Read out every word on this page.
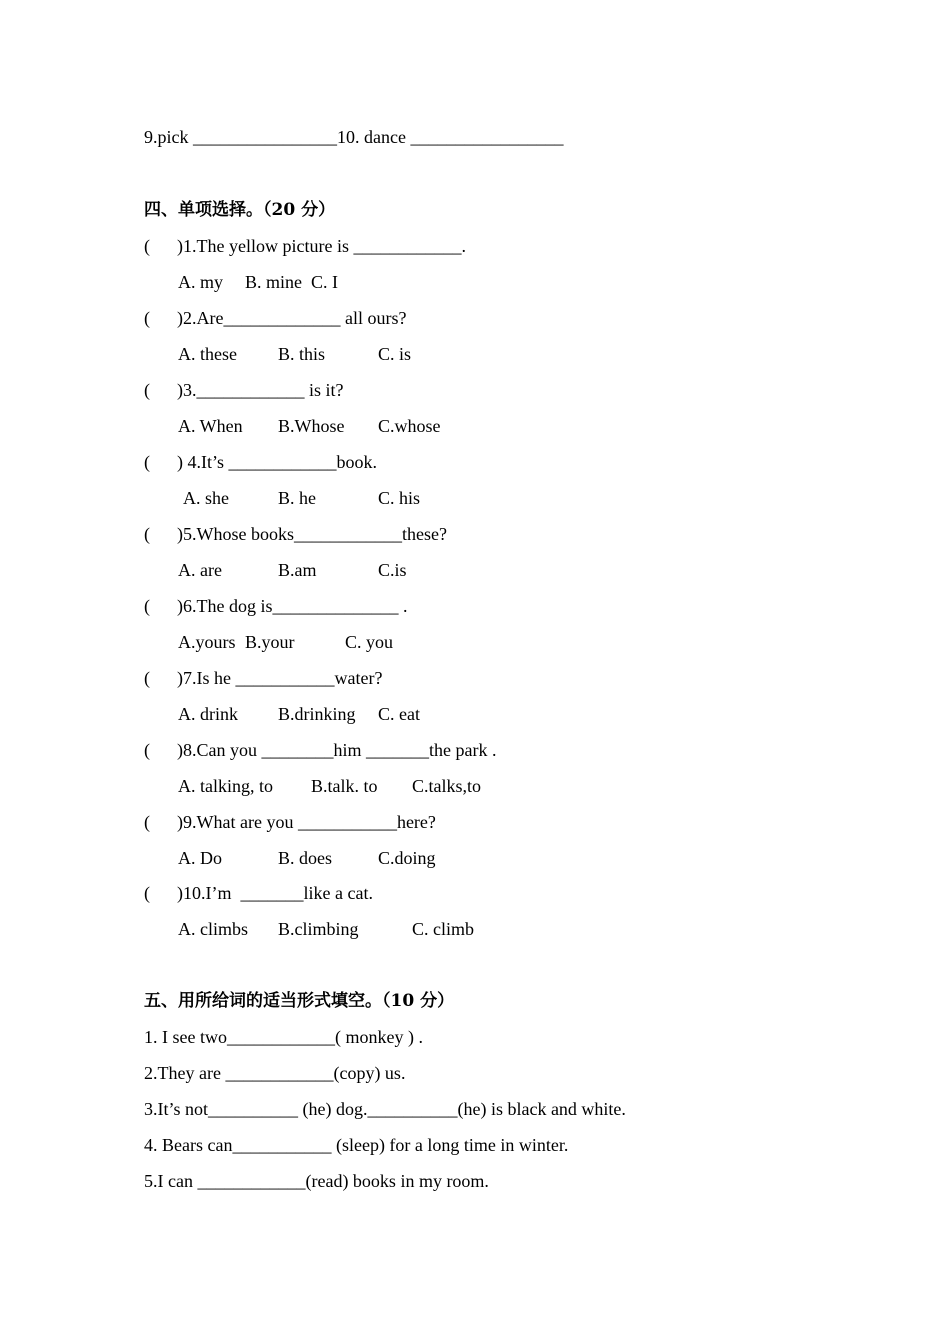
9.pick ________________10. dance _________________
四、单项选择。（20 分）
( )1.The yellow picture is ____________.
A. my B. mine C. I
( )2.Are_____________ all ours?
A. these B. this	C. is
( )3.____________ is it?
A. When B.Whose C.whose
( ) 4.It’s ____________book.
A. she	B. he	C. his
( )5.Whose books____________these?
A. are	B.am	C.is
( )6.The dog is______________ .
A.yours B.your	C. you
( )7.Is he ___________water?
A. drink B.drinking C. eat
( )8.Can you ________him _______the park .
A. talking, to B.talk. to C.talks,to
( )9.What are you ___________here?
A. Do	B. does	C.doing
( )10.I’m  _______like a cat.
A. climbs B.climbing	C. climb
五、用所给词的适当形式填空。（10 分）
1. I see two____________( monkey ) .
2.They are ____________(copy) us.
3.It’s not__________ (he) dog.__________(he) is black and white.
4. Bears can___________ (sleep) for a long time in winter.
5.I can ____________(read) books in my room.
